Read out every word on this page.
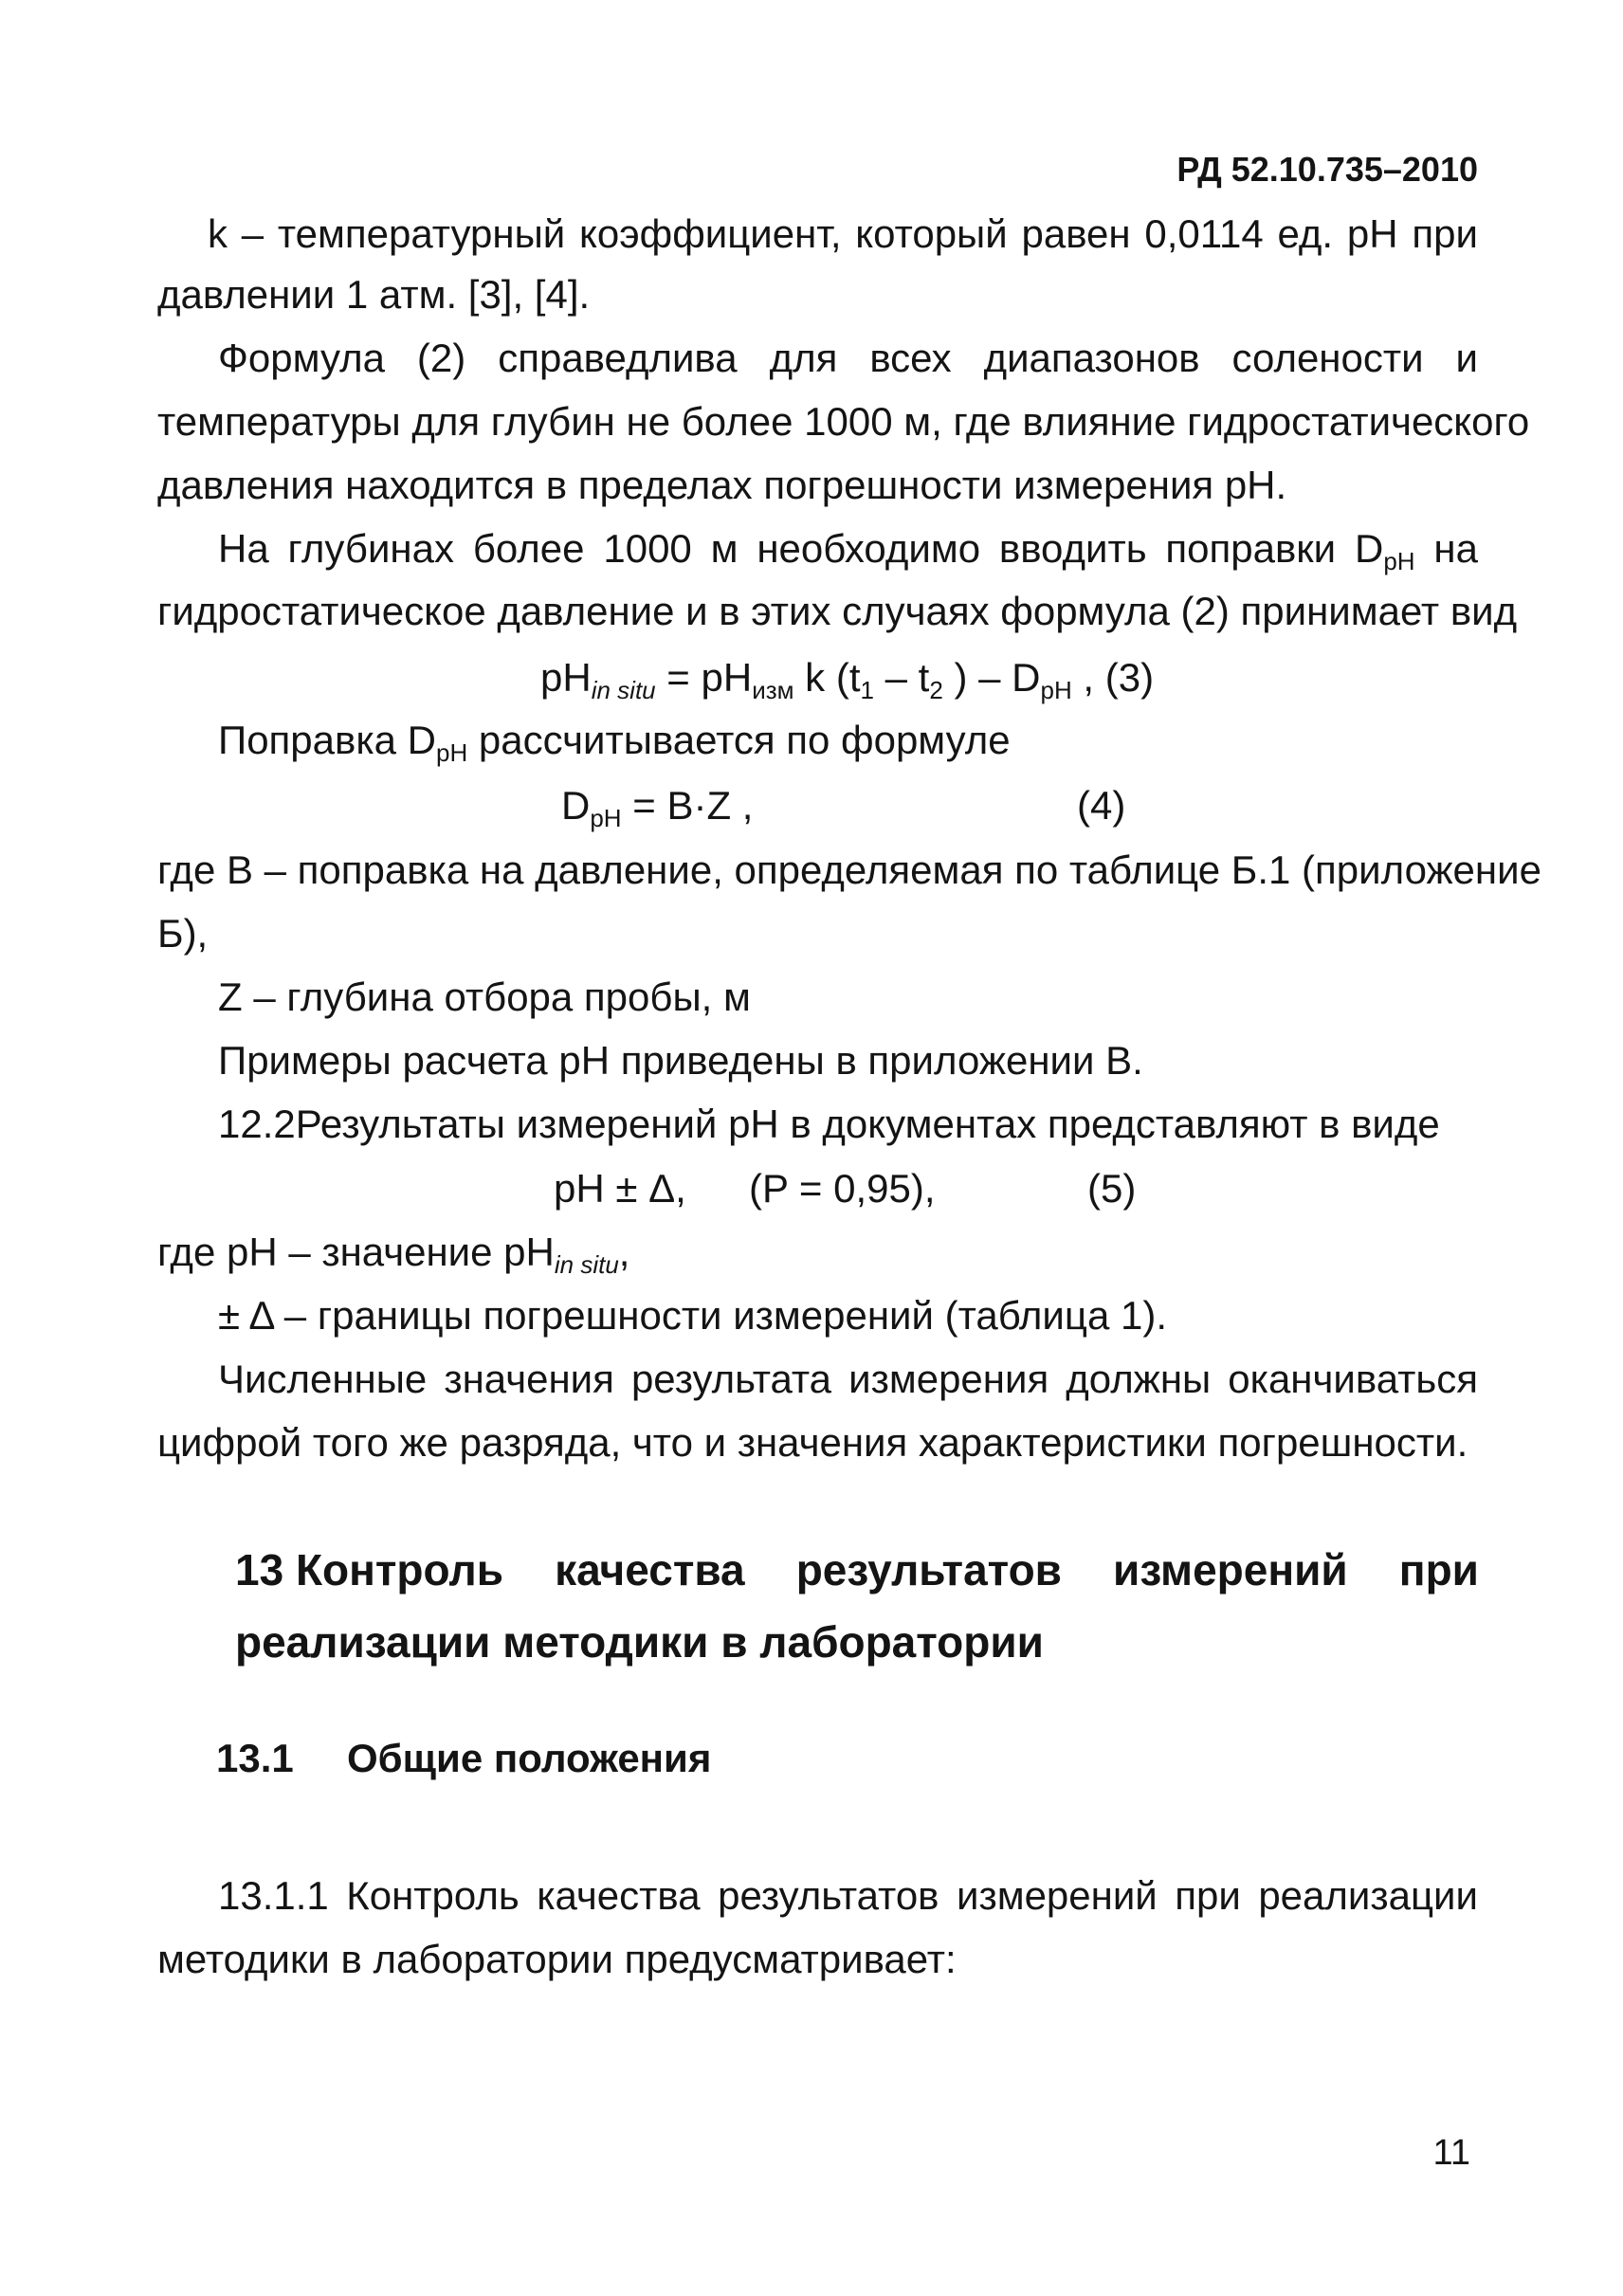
РД 52.10.735–2010
k – температурный коэффициент, который равен 0,0114 ед. pH при
давлении 1 атм. [3], [4].
Формула (2) справедлива для всех диапазонов солености и
температуры для глубин не более 1000 м, где влияние гидростатического
давления находится в пределах погрешности измерения pH.
На глубинах более 1000 м необходимо вводить поправки $D_{pH}$ на
гидростатическое давление и в этих случаях формула (2) принимает вид
$pH_{in situ} = pH_{изм}$ k ($t_1 - t_2$ ) – $D_{pH}$ , (3)
Поправка $D_{pH}$ рассчитывается по формуле
$D_{pH} = B\cdot Z$ ,	(4)
где B – поправка на давление, определяемая по таблице Б.1 (приложение
Б),
Z – глубина отбора пробы, м
Примеры расчета pH приведены в приложении B.
12.2Результаты измерений pH в документах представляют в виде
pH ± Δ, (P = 0,95),	(5)
где pH – значение $pH_{in situ}$,
± Δ – границы погрешности измерений (таблица 1).
Численные значения результата измерения должны оканчиваться
цифрой того же разряда, что и значения характеристики погрешности.
13 Контроль качества результатов измерений при
реализации методики в лаборатории
13.1 Общие положения
13.1.1 Контроль качества результатов измерений при реализации
методики в лаборатории предусматривает:
11
